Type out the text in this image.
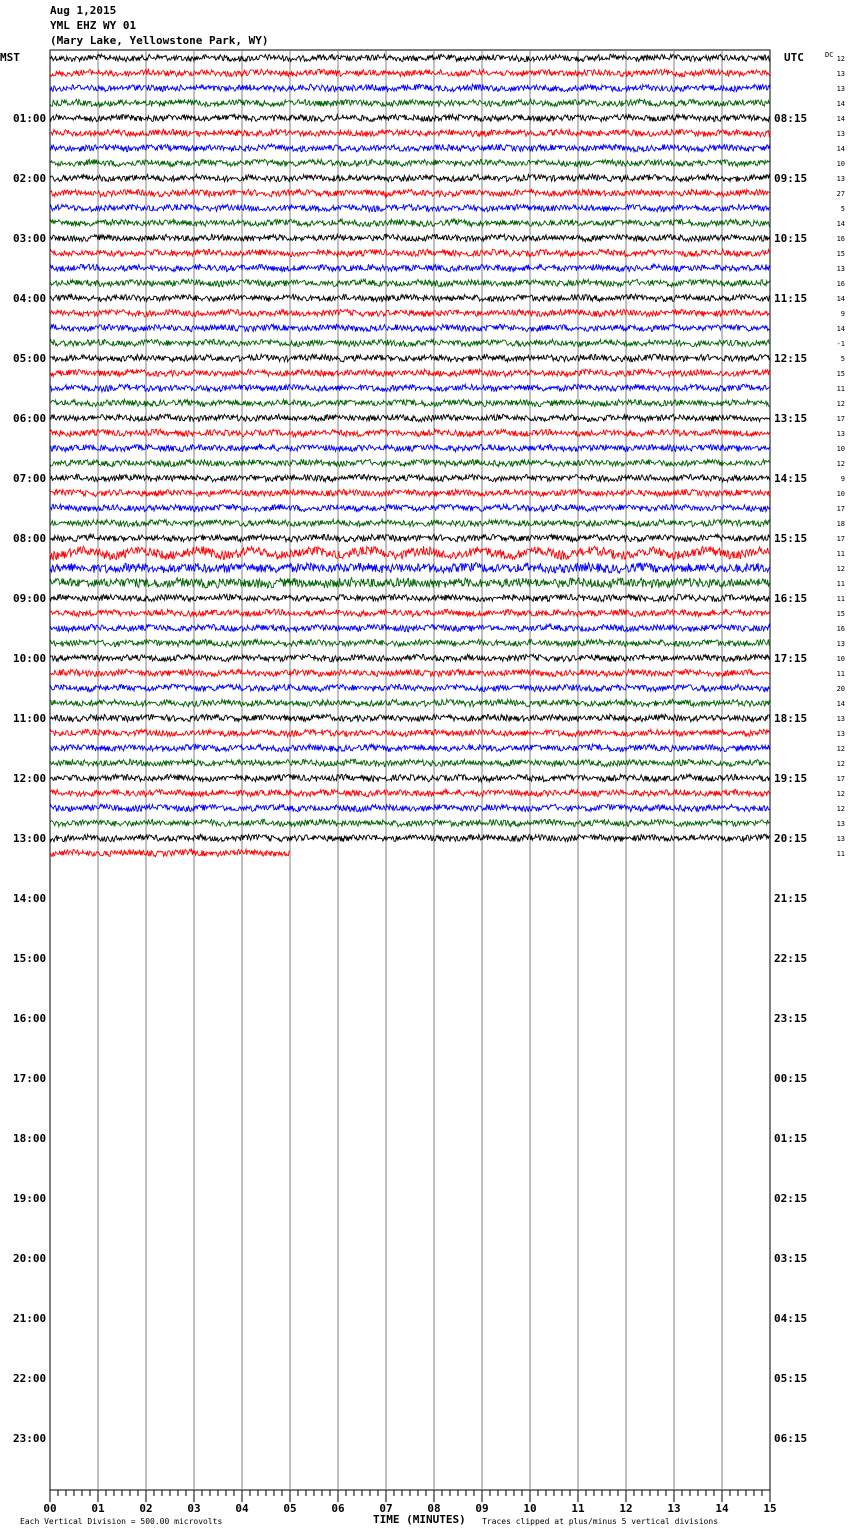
Aug 1,2015
YML EHZ WY 01
(Mary Lake, Yellowstone Park, WY)
12
13
13
14
14
13
14
10
13
27
5
14
16
15
13
16
14
9
14
-1
5
15
11
12
17
13
10
12
9
10
17
18
17
11
12
11
11
15
16
13
10
11
20
14
13
13
12
12
17
12
12
13
13
11
DC
MST	UTC
01:00	08:15
02:00	09:15
03:00	10:15
04:00	11:15
05:00	12:15
06:00	13:15
07:00	14:15
08:00	15:15
09:00	16:15
10:00	17:15
11:00	18:15
12:00	19:15
13:00	20:15
14:00	21:15
15:00	22:15
16:00	23:15
17:00	00:15
18:00	01:15
19:00	02:15
20:00	03:15
21:00	04:15
22:00	05:15
23:00	06:15
00	01	02	03	04	05	06	07	08	09	10	11	12	13	14	15
Each Vertical Division = 500.00 microvolts	TIME (MINUTES) Traces clipped at plus/minus 5 vertical divisions
